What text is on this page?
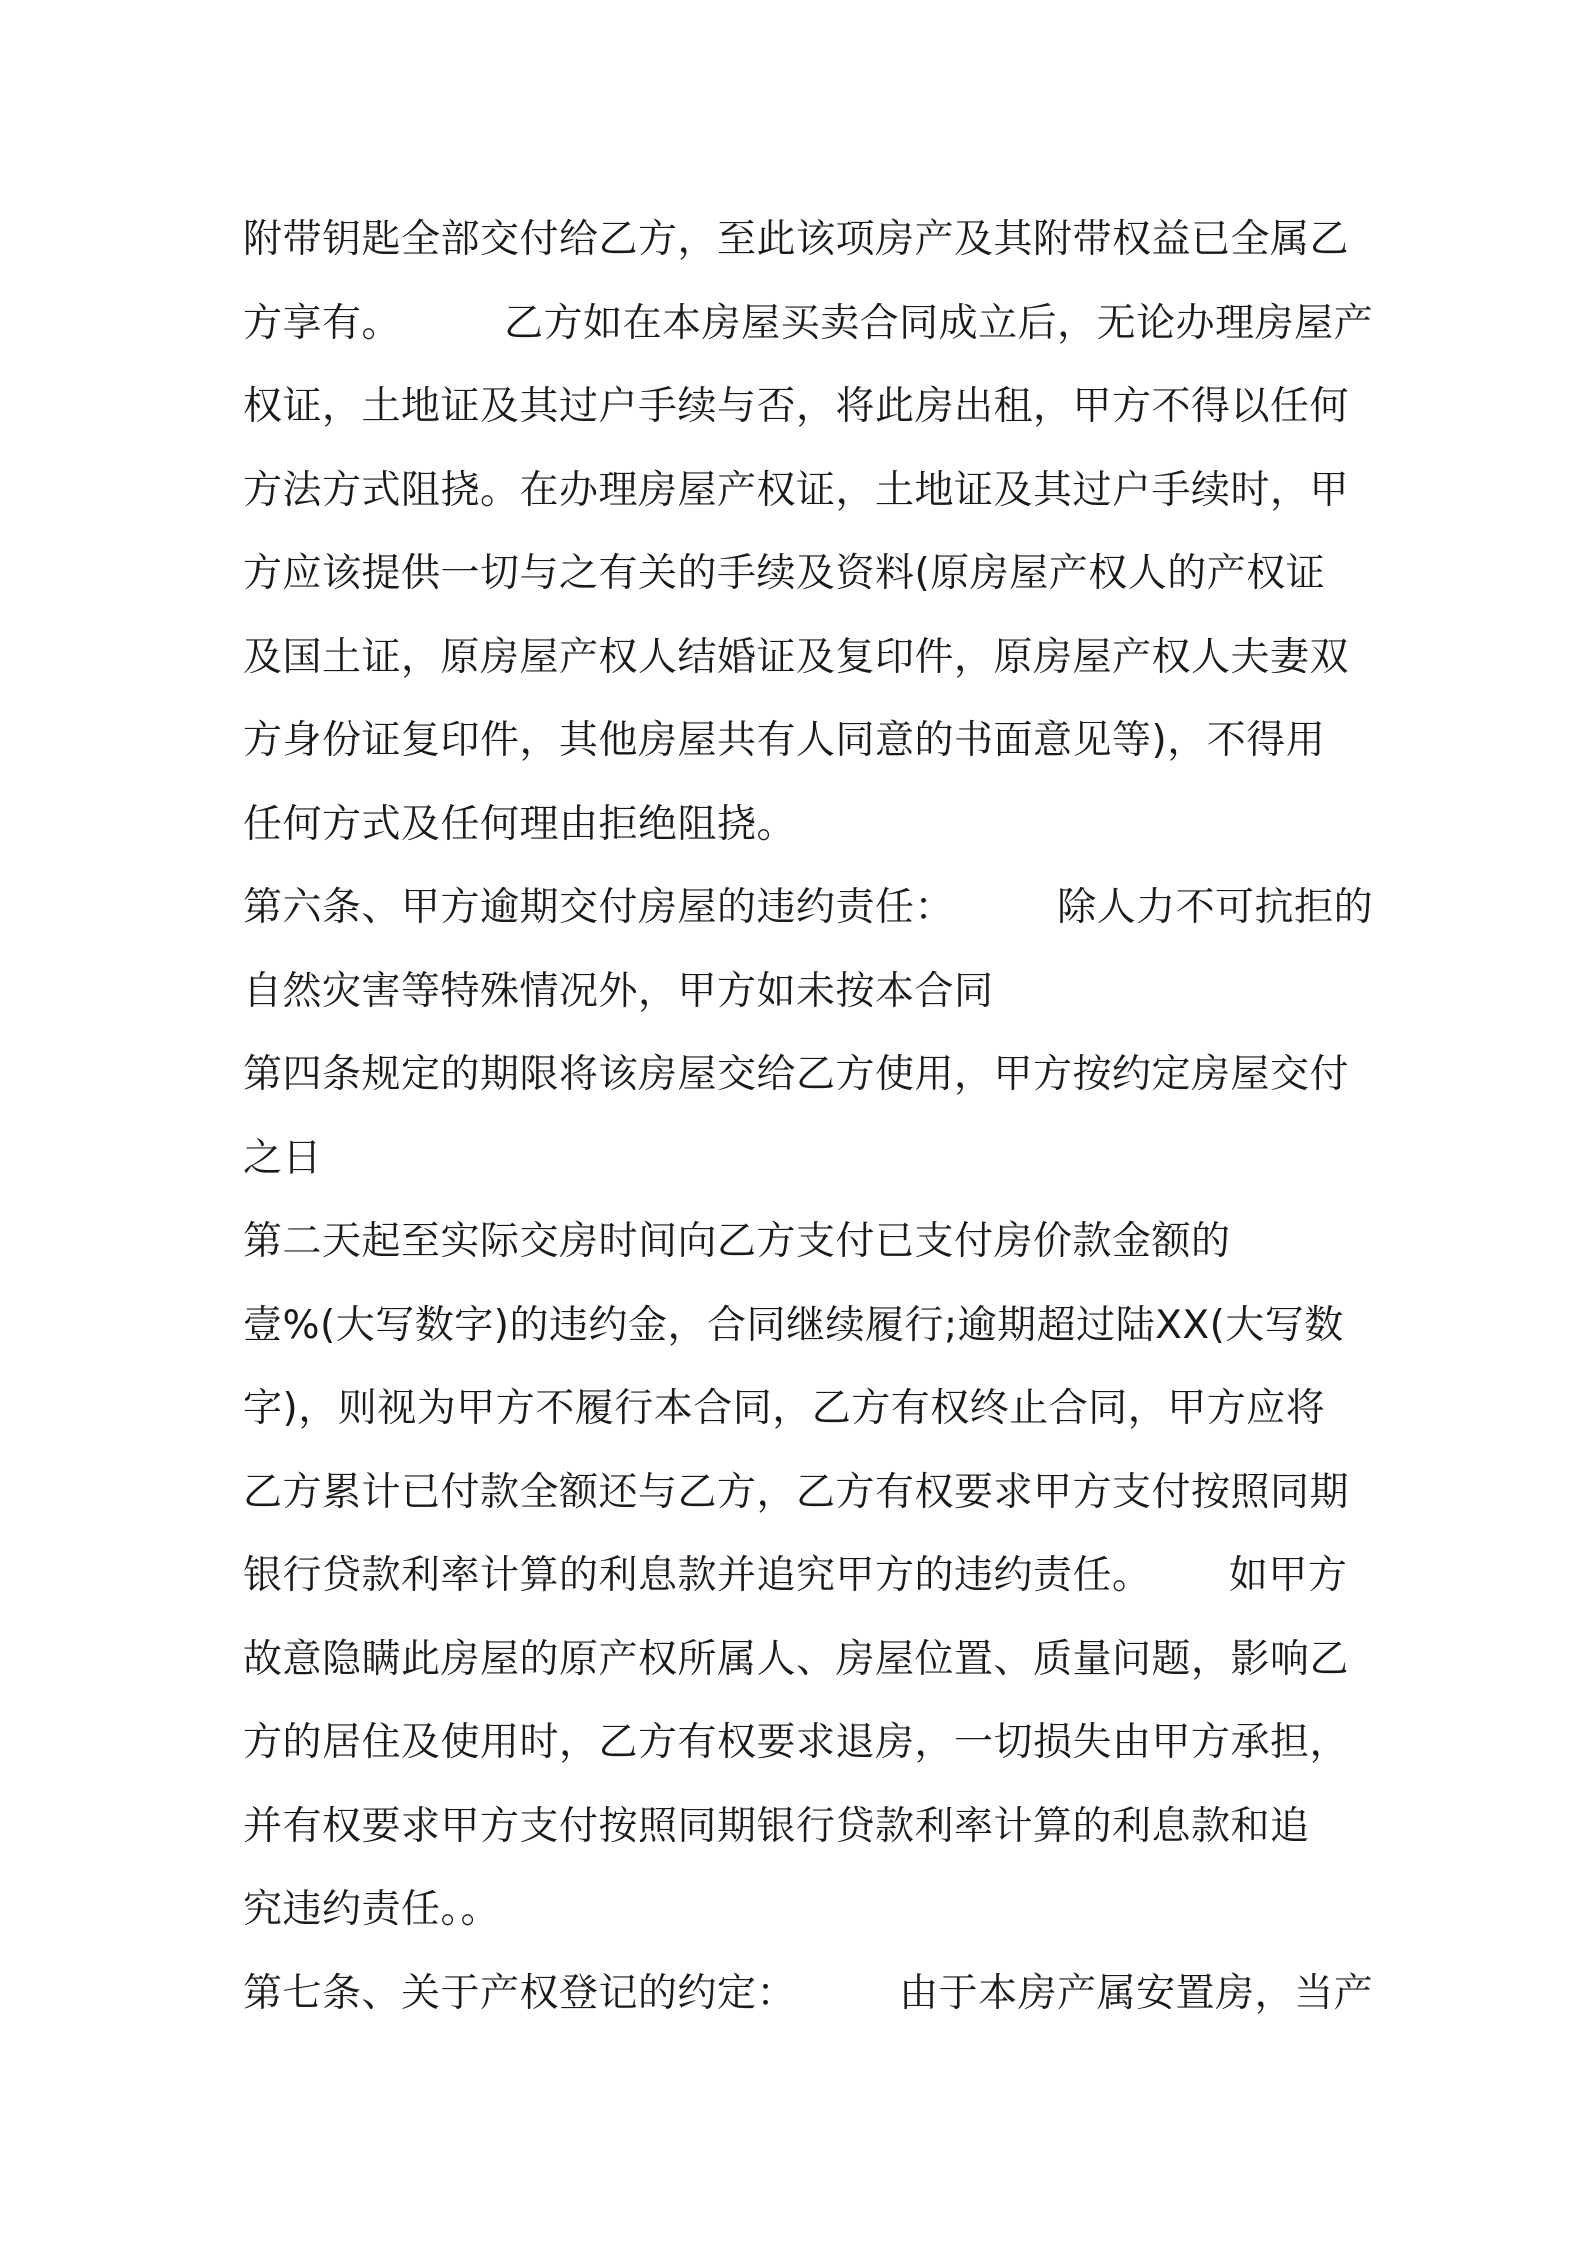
附带钥匙全部交付给乙方，至此该项房产及其附带权益已全属乙
方享有。        乙方如在本房屋买卖合同成立后，无论办理房屋产
权证，土地证及其过户手续与否，将此房出租，甲方不得以任何
方法方式阻挠。在办理房屋产权证，土地证及其过户手续时，甲
方应该提供一切与之有关的手续及资料(原房屋产权人的产权证
及国土证，原房屋产权人结婚证及复印件，原房屋产权人夫妻双
方身份证复印件，其他房屋共有人同意的书面意见等)，不得用
任何方式及任何理由拒绝阻挠。
第六条、甲方逾期交付房屋的违约责任：        除人力不可抗拒的
自然灾害等特殊情况外，甲方如未按本合同
第四条规定的期限将该房屋交给乙方使用，甲方按约定房屋交付
之日
第二天起至实际交房时间向乙方支付已支付房价款金额的
壹%(大写数字)的违约金，合同继续履行;逾期超过陆XX(大写数
字)，则视为甲方不履行本合同，乙方有权终止合同，甲方应将
乙方累计已付款全额还与乙方，乙方有权要求甲方支付按照同期
银行贷款利率计算的利息款并追究甲方的违约责任。      如甲方
故意隐瞒此房屋的原产权所属人、房屋位置、质量问题，影响乙
方的居住及使用时，乙方有权要求退房，一切损失由甲方承担，
并有权要求甲方支付按照同期银行贷款利率计算的利息款和追
究违约责任。。
第七条、关于产权登记的约定：        由于本房产属安置房，当产
